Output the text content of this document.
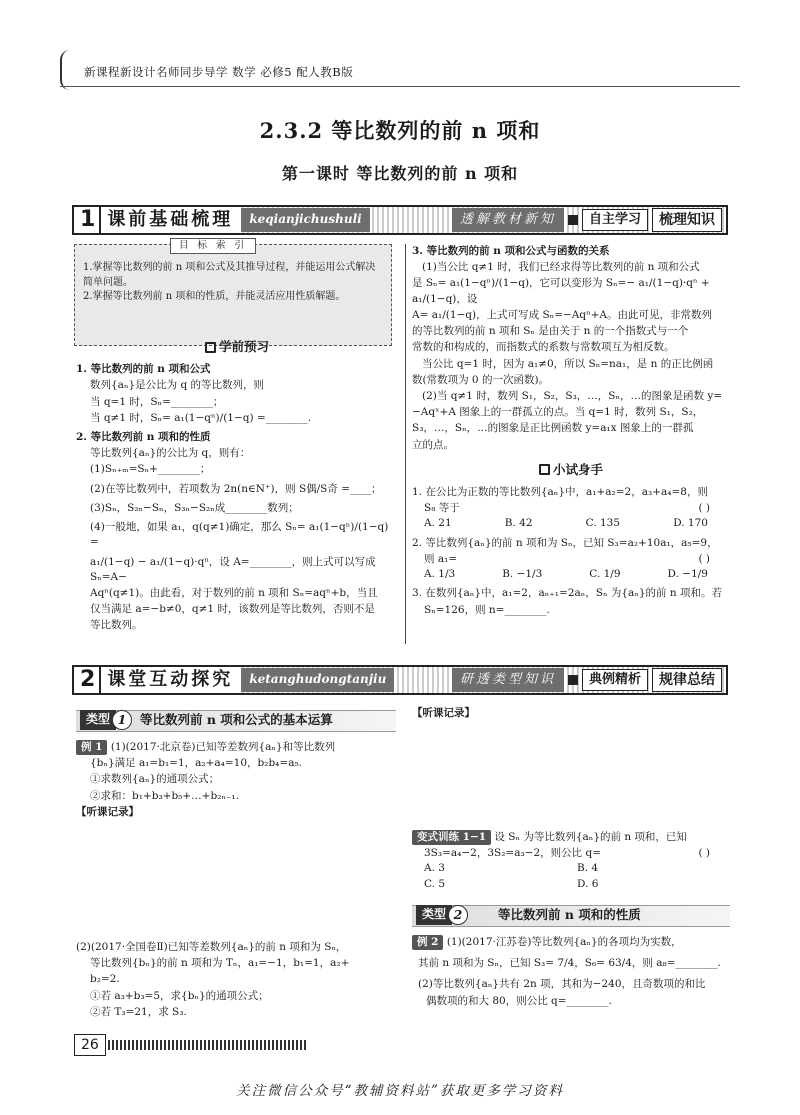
新课程新设计名师同步导学 数学 必修5 配人教B版
2.3.2 等比数列的前 n 项和
第一课时 等比数列的前 n 项和
1 课前基础梳理	keqianjichushuli	透解教材新知	自主学习	梳理知识

1.掌握等比数列的前 n 项和公式及其推导过程，并能运用公式解决简单问题。

2.掌握等比数列前 n 项和的性质，并能灵活应用性质解题。

目 标 索 引
学前预习

1. 等比数列的前 n 项和公式

数列{aₙ}是公比为 q 的等比数列，则

当 q=1 时，Sₙ=________；

当 q≠1 时，Sₙ= a₁(1−qⁿ)/(1−q) =________.

2. 等比数列前 n 项和的性质

等比数列{aₙ}的公比为 q，则有：

(1)Sₙ₊ₘ=Sₙ+________；

(2)在等比数列中，若项数为 2n(n∈N⁺)，则 S偶/S奇 =____；

(3)Sₙ，S₂ₙ−Sₙ，S₃ₙ−S₂ₙ成________数列；

(4)一般地，如果 a₁，q(q≠1)确定，那么 Sₙ= a₁(1−qⁿ)/(1−q) =

a₁/(1−q) − a₁/(1−q)·qⁿ，设 A=________，则上式可以写成 Sₙ=A−

Aqⁿ(q≠1)。由此看，对于数列的前 n 项和 Sₙ=aqⁿ+b，当且

仅当满足 a=−b≠0，q≠1 时，该数列是等比数列，否则不是

等比数列。

3. 等比数列的前 n 项和公式与函数的关系

(1)当公比 q≠1 时，我们已经求得等比数列的前 n 项和公式

是 Sₙ= a₁(1−qⁿ)/(1−q)，它可以变形为 Sₙ=− a₁/(1−q)·qⁿ + a₁/(1−q)，设

A= a₁/(1−q)，上式可写成 Sₙ=−Aqⁿ+A。由此可见，非常数列

的等比数列的前 n 项和 Sₙ 是由关于 n 的一个指数式与一个

常数的和构成的，而指数式的系数与常数项互为相反数。

当公比 q=1 时，因为 a₁≠0，所以 Sₙ=na₁，是 n 的正比例函

数(常数项为 0 的一次函数)。

(2)当 q≠1 时，数列 S₁，S₂，S₃，…，Sₙ，…的图象是函数 y=

−Aqˣ+A 图象上的一群孤立的点。当 q=1 时，数列 S₁，S₂，

S₃，…，Sₙ，…的图象是正比例函数 y=a₁x 图象上的一群孤

立的点。

小试身手

1. 在公比为正数的等比数列{aₙ}中，a₁+a₂=2，a₃+a₄=8，则

S₈ 等于	( )
A. 21	B. 42	C. 135	D. 170

2. 等比数列{aₙ}的前 n 项和为 Sₙ，已知 S₃=a₂+10a₁，a₅=9，

则 a₁=	( )
A. 1/3	B. −1/3	C. 1/9	D. −1/9

3. 在数列{aₙ}中，a₁=2，aₙ₊₁=2aₙ，Sₙ 为{aₙ}的前 n 项和。若

Sₙ=126，则 n=________.

2 课堂互动探究	ketanghudongtanjiu	研透类型知识	典例精析	规律总结
类型 1	等比数列前 n 项和公式的基本运算

例 1 (1)(2017·北京卷)已知等差数列{aₙ}和等比数列

{bₙ}满足 a₁=b₁=1，a₂+a₄=10，b₂b₄=a₅.

①求数列{aₙ}的通项公式；

②求和：b₁+b₃+b₅+…+b₂ₙ₋₁.

【听课记录】

(2)(2017·全国卷Ⅱ)已知等差数列{aₙ}的前 n 项和为 Sₙ，

等比数列{bₙ}的前 n 项和为 Tₙ，a₁=−1，b₁=1，a₂+

b₂=2.

①若 a₃+b₃=5，求{bₙ}的通项公式；

②若 T₃=21，求 S₃.

【听课记录】

变式训练 1−1 设 Sₙ 为等比数列{aₙ}的前 n 项和，已知

3S₃=a₄−2，3S₂=a₃−2，则公比 q=	( )
A. 3	B. 4
C. 5	D. 6
类型 2	等比数列前 n 项和的性质

例 2 (1)(2017·江苏卷)等比数列{aₙ}的各项均为实数，

其前 n 项和为 Sₙ，已知 S₃= 7/4，S₆= 63/4，则 a₈=________.

(2)等比数列{aₙ}共有 2n 项，其和为−240，且奇数项的和比

偶数项的和大 80，则公比 q=________.

26
关注微信公众号“教辅资料站”获取更多学习资料
